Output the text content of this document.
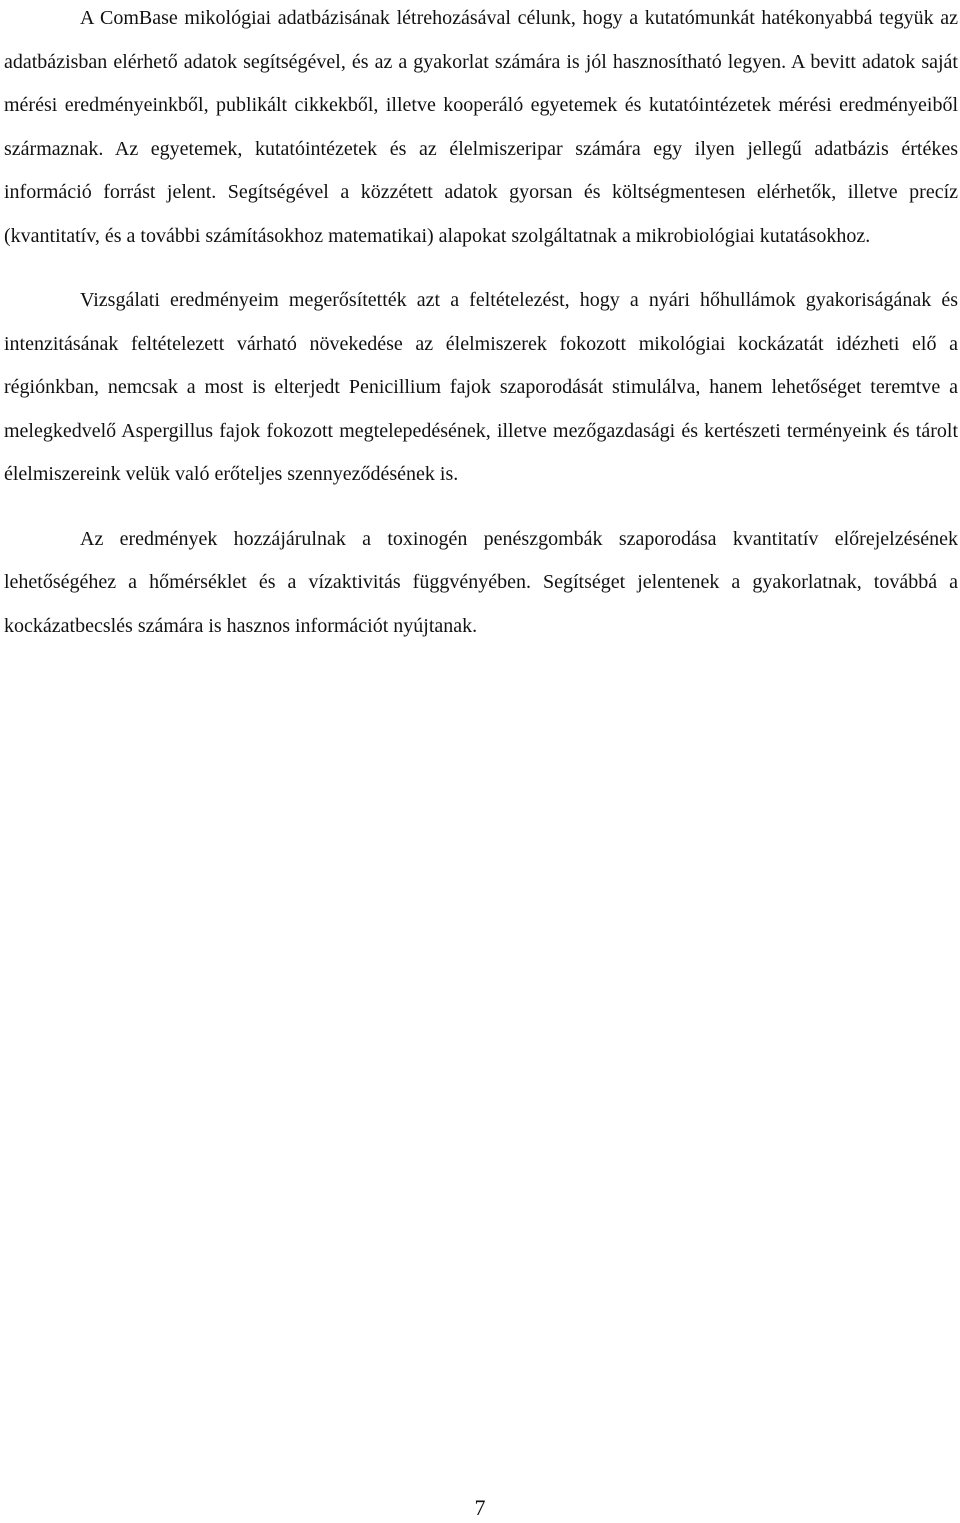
A ComBase mikológiai adatbázisának létrehozásával célunk, hogy a kutatómunkát hatékonyabbá tegyük az adatbázisban elérhető adatok segítségével, és az a gyakorlat számára is jól hasznosítható legyen. A bevitt adatok saját mérési eredményeinkből, publikált cikkekből, illetve kooperáló egyetemek és kutatóintézetek mérési eredményeiből származnak. Az egyetemek, kutatóintézetek és az élelmiszeripar számára egy ilyen jellegű adatbázis értékes információ forrást jelent. Segítségével a közzétett adatok gyorsan és költségmentesen elérhetők, illetve precíz (kvantitatív, és a további számításokhoz matematikai) alapokat szolgáltatnak a mikrobiológiai kutatásokhoz.

Vizsgálati eredményeim megerősítették azt a feltételezést, hogy a nyári hőhullámok gyakoriságának és intenzitásának feltételezett várható növekedése az élelmiszerek fokozott mikológiai kockázatát idézheti elő a régiónkban, nemcsak a most is elterjedt Penicillium fajok szaporodását stimulálva, hanem lehetőséget teremtve a melegkedvelő Aspergillus fajok fokozott megtelepedésének, illetve mezőgazdasági és kertészeti terményeink és tárolt élelmiszereink velük való erőteljes szennyeződésének is.

Az eredmények hozzájárulnak a toxinogén penészgombák szaporodása kvantitatív előrejelzésének lehetőségéhez a hőmérséklet és a vízaktivitás függvényében. Segítséget jelentenek a gyakorlatnak, továbbá a kockázatbecslés számára is hasznos információt nyújtanak.

7
